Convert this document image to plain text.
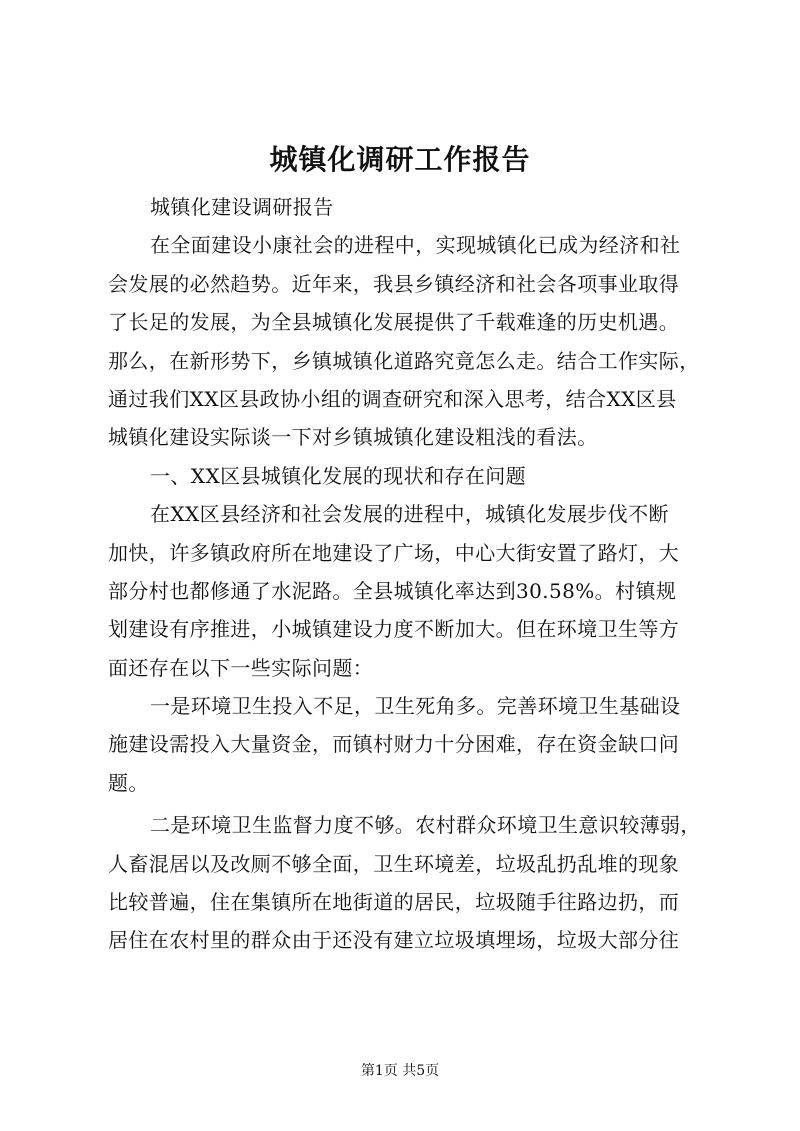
城镇化调研工作报告
城镇化建设调研报告
在全面建设小康社会的进程中，实现城镇化已成为经济和社
会发展的必然趋势。近年来，我县乡镇经济和社会各项事业取得
了长足的发展，为全县城镇化发展提供了千载难逢的历史机遇。
那么，在新形势下，乡镇城镇化道路究竟怎么走。结合工作实际，
通过我们XX区县政协小组的调查研究和深入思考，结合XX区县
城镇化建设实际谈一下对乡镇城镇化建设粗浅的看法。
一、XX区县城镇化发展的现状和存在问题
在XX区县经济和社会发展的进程中，城镇化发展步伐不断
加快，许多镇政府所在地建设了广场，中心大街安置了路灯，大
部分村也都修通了水泥路。全县城镇化率达到30.58%。村镇规
划建设有序推进，小城镇建设力度不断加大。但在环境卫生等方
面还存在以下一些实际问题：
一是环境卫生投入不足，卫生死角多。完善环境卫生基础设
施建设需投入大量资金，而镇村财力十分困难，存在资金缺口问
题。
二是环境卫生监督力度不够。农村群众环境卫生意识较薄弱，
人畜混居以及改厕不够全面，卫生环境差，垃圾乱扔乱堆的现象
比较普遍，住在集镇所在地街道的居民，垃圾随手往路边扔，而
居住在农村里的群众由于还没有建立垃圾填埋场，垃圾大部分往
第1页 共5页
